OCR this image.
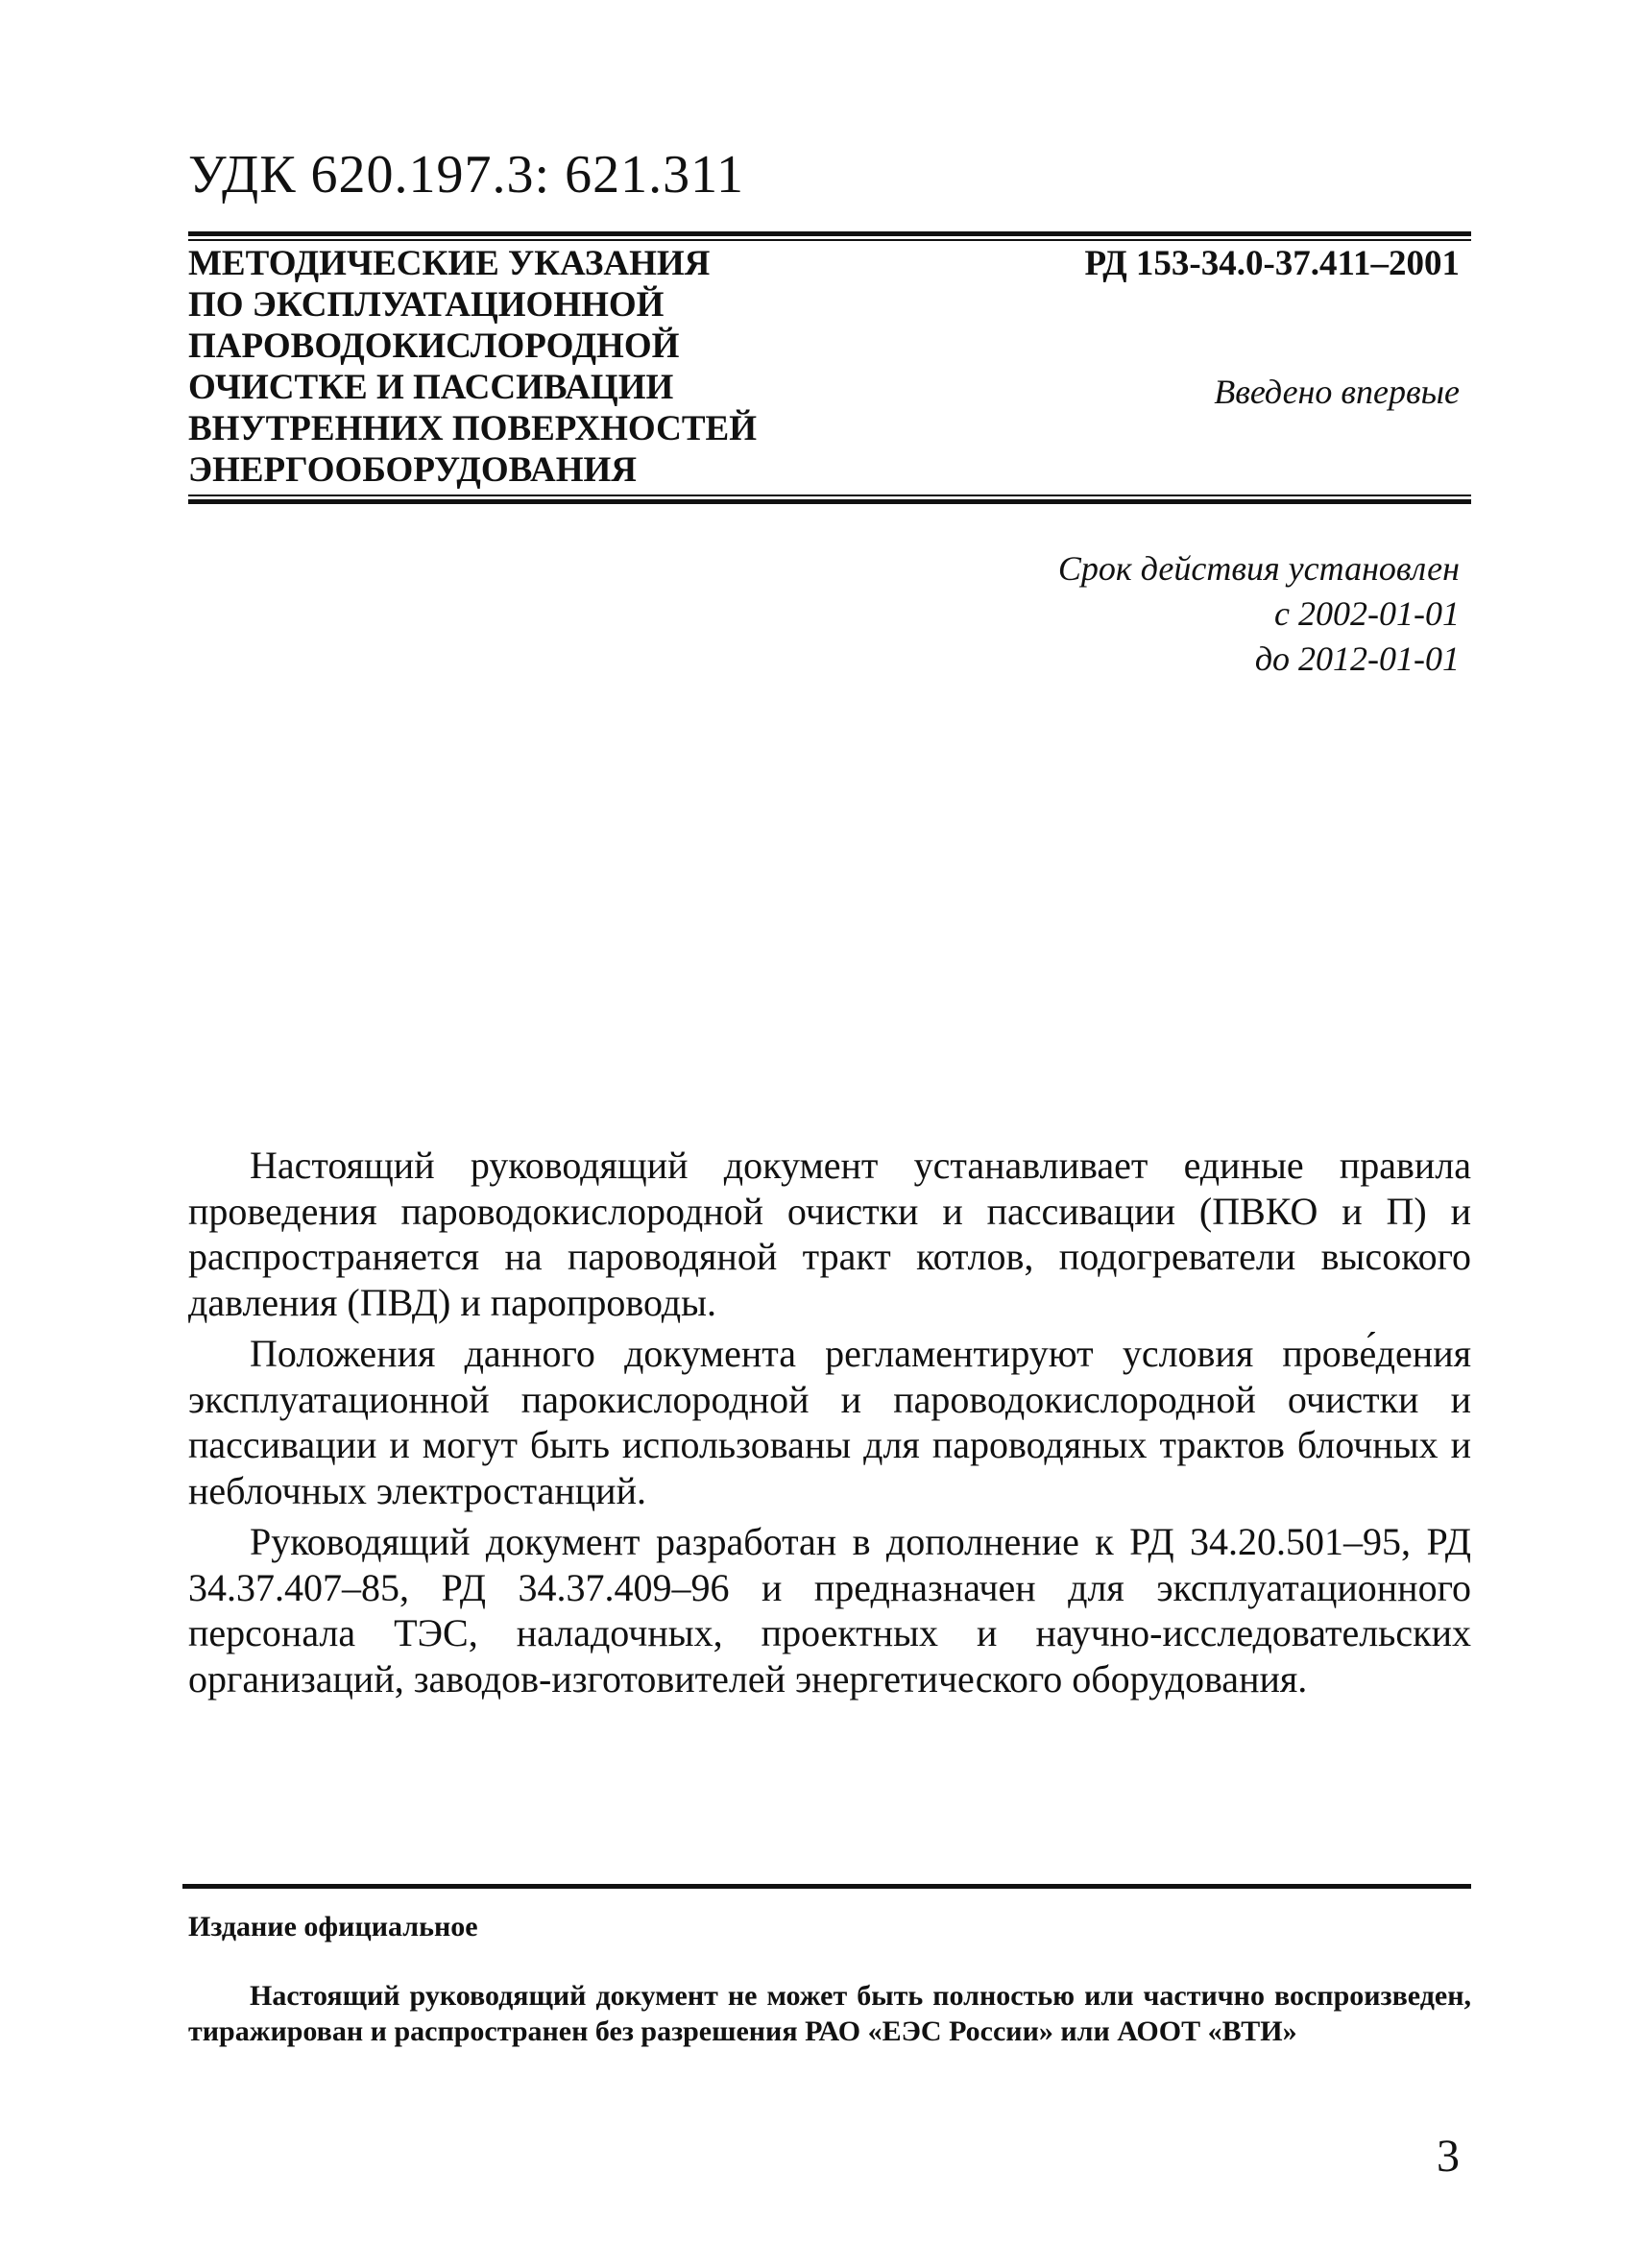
УДК 620.197.3: 621.311
МЕТОДИЧЕСКИЕ УКАЗАНИЯ
ПО ЭКСПЛУАТАЦИОННОЙ
ПАРОВОДОКИСЛОРОДНОЙ
ОЧИСТКЕ И ПАССИВАЦИИ
ВНУТРЕННИХ ПОВЕРХНОСТЕЙ
ЭНЕРГООБОРУДОВАНИЯ
РД 153-34.0-37.411–2001
Введено впервые
Срок действия установлен
с 2002-01-01
до 2012-01-01

Настоящий руководящий документ устанавливает единые правила проведения пароводокислородной очистки и пассивации (ПВКО и П) и распространяется на пароводяной тракт котлов, подогреватели высокого давления (ПВД) и паропроводы.

Положения данного документа регламентируют условия прове́дения эксплуатационной парокислородной и пароводокислородной очистки и пассивации и могут быть использованы для пароводяных трактов блочных и неблочных электростанций.

Руководящий документ разработан в дополнение к РД 34.20.501–95, РД 34.37.407–85, РД 34.37.409–96 и предназначен для эксплуатационного персонала ТЭС, наладочных, проектных и научно-исследовательских организаций, заводов-изготовителей энергетического оборудования.

Издание официальное
Настоящий руководящий документ не может быть полностью или частично воспроизведен, тиражирован и распространен без разрешения РАО «ЕЭС России» или АООТ «ВТИ»
3
